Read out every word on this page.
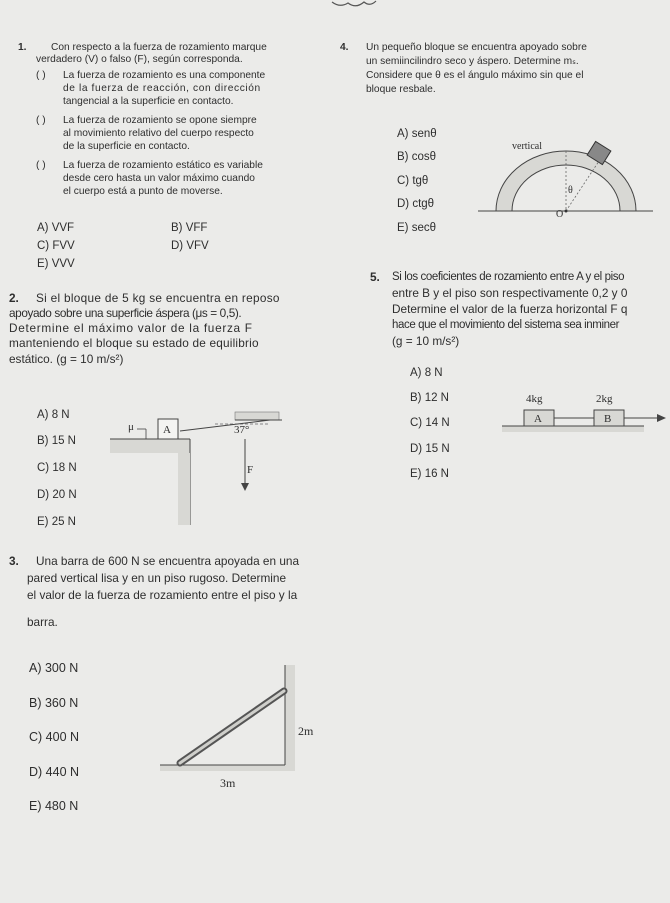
1. Con respecto a la fuerza de rozamiento marque
verdadero (V) o falso (F), según corresponda.
( ) La fuerza de rozamiento es una componente
de la fuerza de reacción, con dirección
tangencial a la superficie en contacto.
( ) La fuerza de rozamiento se opone siempre
al movimiento relativo del cuerpo respecto
de la superficie en contacto.
( ) La fuerza de rozamiento estático es variable
desde cero hasta un valor máximo cuando
el cuerpo está a punto de moverse.
A) VVF	B) VFF
C) FVV	D) VFV
E) VVV
2. Si el bloque de 5 kg se encuentra en reposo
apoyado sobre una superficie áspera (μs = 0,5).
Determine el máximo valor de la fuerza F
manteniendo el bloque su estado de equilibrio
estático. (g = 10 m/s²)
A) 8 N
B) 15 N
C) 18 N
D) 20 N
E) 25 N
A
μ
F
37°
3. Una barra de 600 N se encuentra apoyada en una
pared vertical lisa y en un piso rugoso. Determine
el valor de la fuerza de rozamiento entre el piso y la
barra.
A) 300 N
B) 360 N
C) 400 N
D) 440 N
E) 480 N
2m
3m
4. Un pequeño bloque se encuentra apoyado sobre
un semiincilindro seco y áspero. Determine mₛ.
Considere que θ es el ángulo máximo sin que el
bloque resbale.
A) senθ
B) cosθ
C) tgθ
D) ctgθ
E) secθ
vertical
θ
O
5. Si los coeficientes de rozamiento entre A y el piso
entre B y el piso son respectivamente 0,2 y 0
Determine el valor de la fuerza horizontal F q
hace que el movimiento del sistema sea inminer
(g = 10 m/s²)
A) 8 N
B) 12 N
C) 14 N
D) 15 N
E) 16 N
A	B
4kg	2kg
